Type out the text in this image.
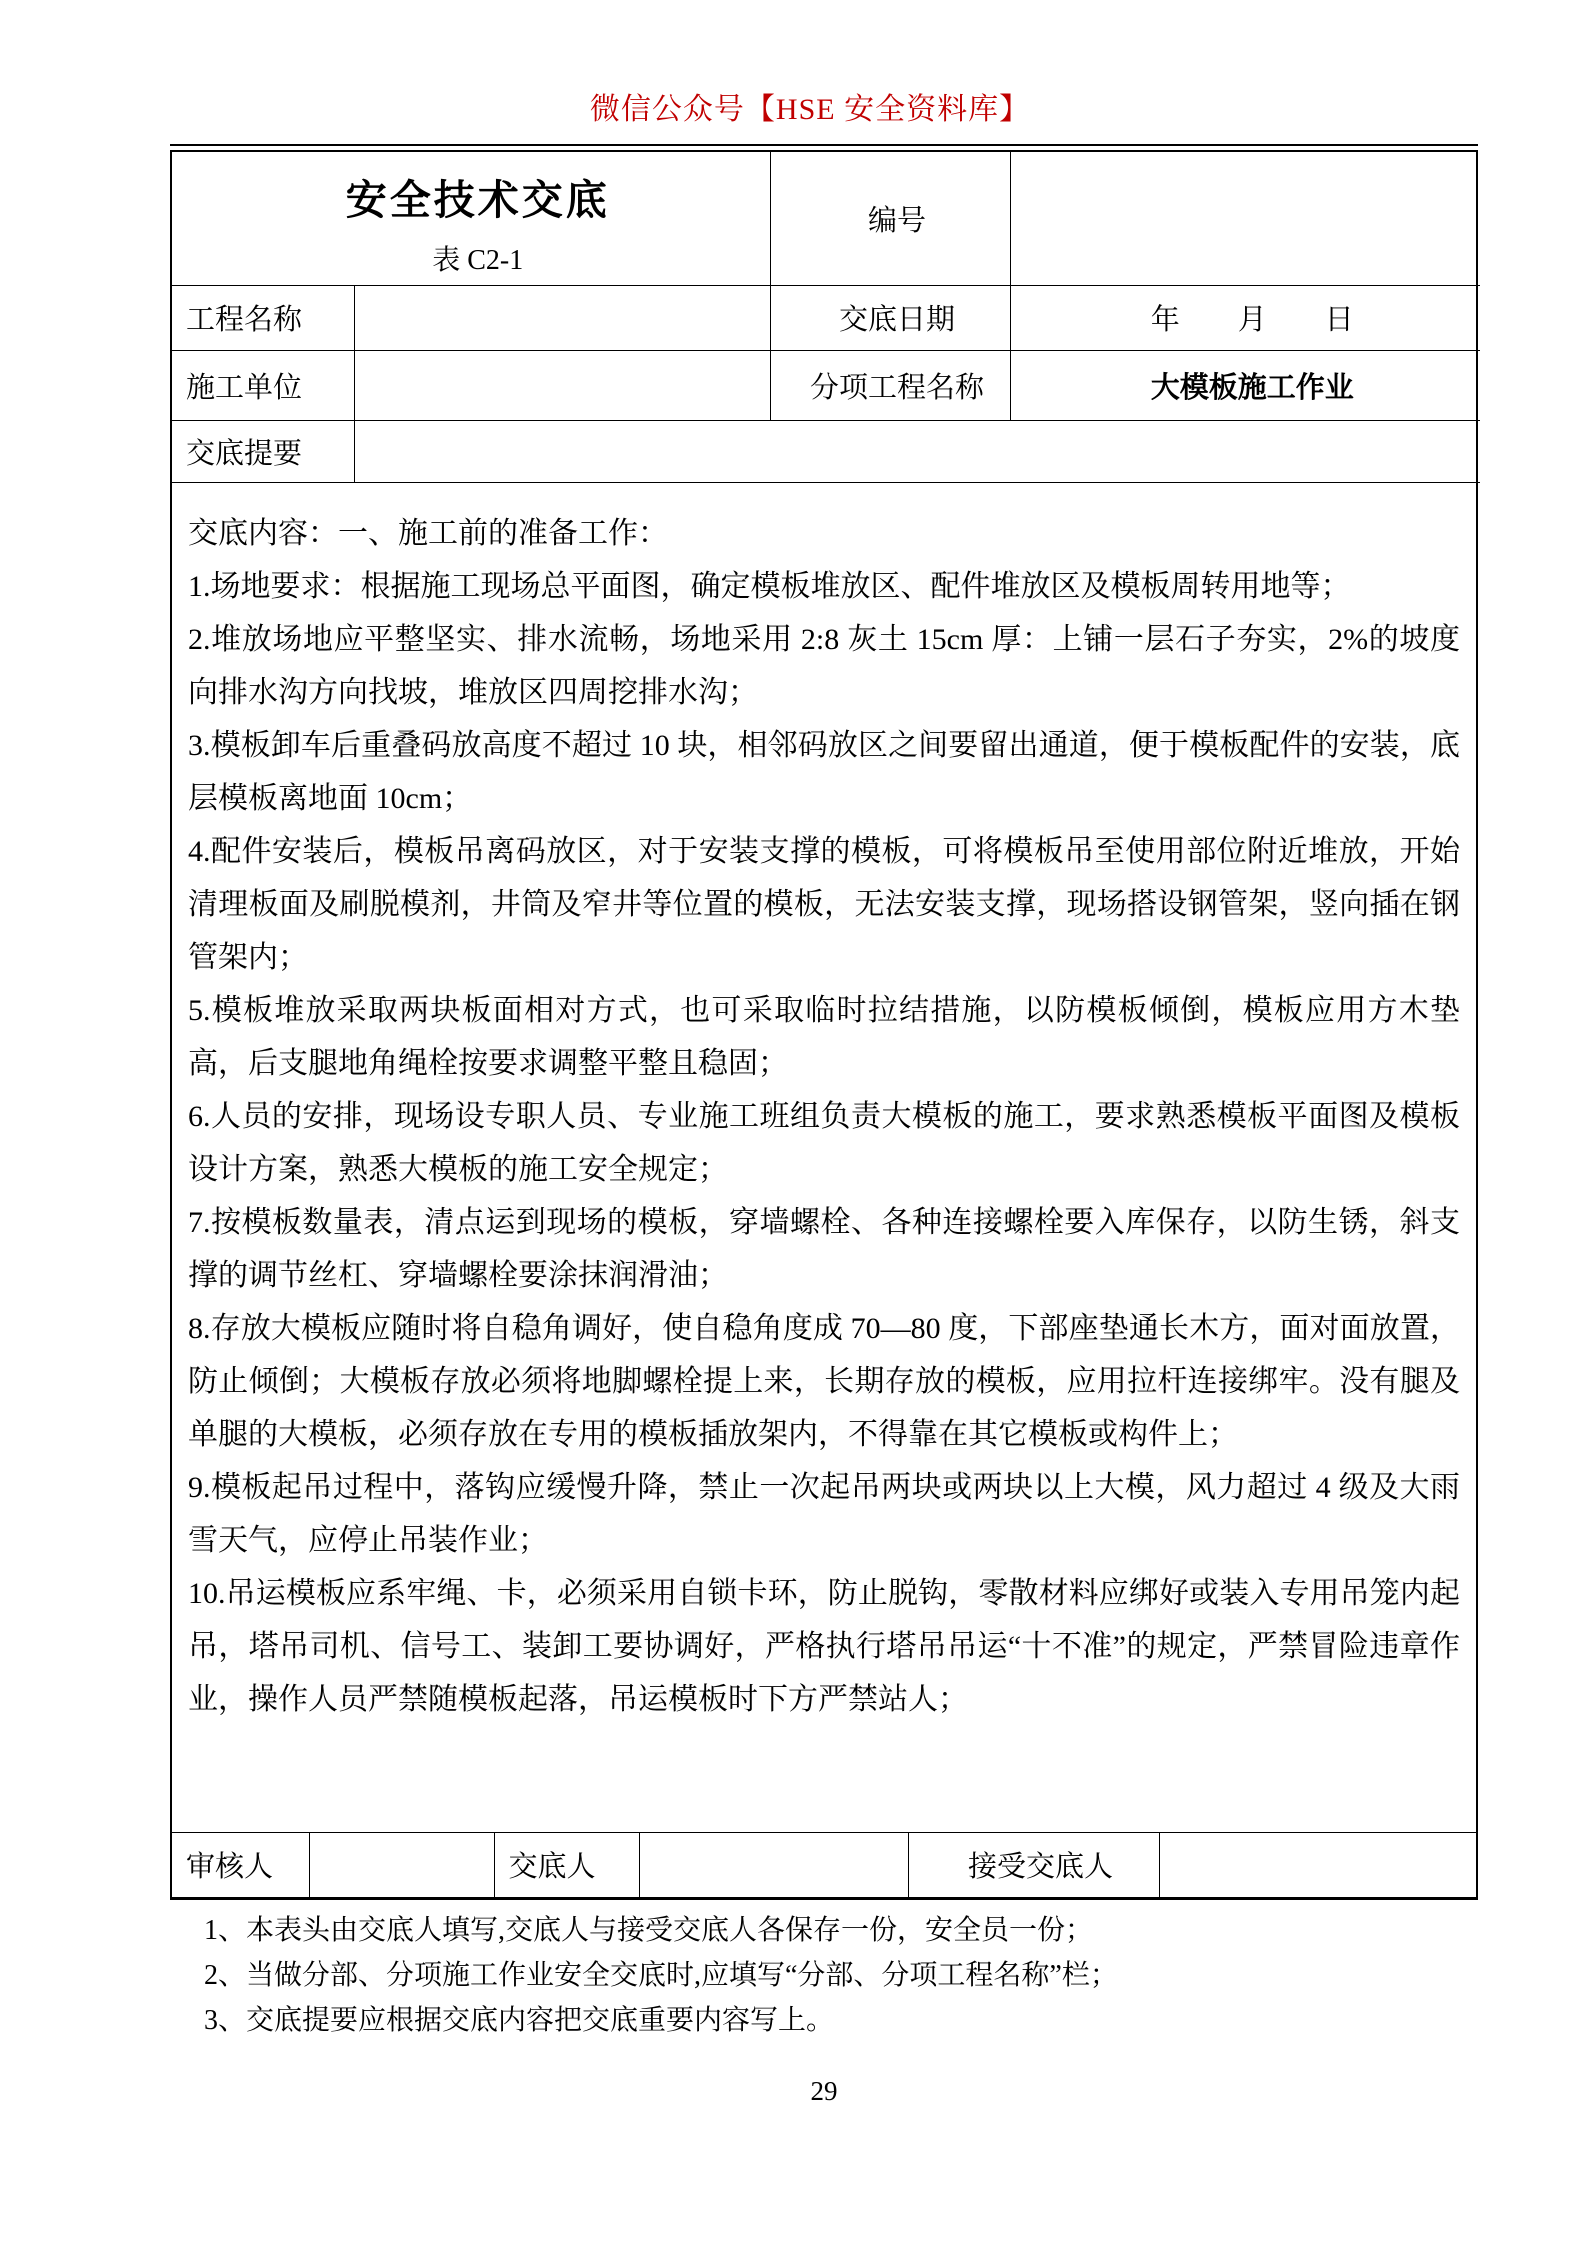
微信公众号【HSE 安全资料库】
安全技术交底
表 C2-1		编号	
工程名称		交底日期	年　　月　　日
施工单位		分项工程名称	大模板施工作业
交底提要			

交底内容：一、施工前的准备工作：

1.场地要求：根据施工现场总平面图，确定模板堆放区、配件堆放区及模板周转用地等；

2.堆放场地应平整坚实、排水流畅，场地采用 2:8 灰土 15cm 厚：上铺一层石子夯实，2%的坡度向排水沟方向找坡，堆放区四周挖排水沟；

3.模板卸车后重叠码放高度不超过 10 块，相邻码放区之间要留出通道，便于模板配件的安装，底层模板离地面 10cm；

4.配件安装后，模板吊离码放区，对于安装支撑的模板，可将模板吊至使用部位附近堆放，开始清理板面及刷脱模剂，井筒及窄井等位置的模板，无法安装支撑，现场搭设钢管架，竖向插在钢管架内；

5.模板堆放采取两块板面相对方式，也可采取临时拉结措施，以防模板倾倒，模板应用方木垫高，后支腿地角绳栓按要求调整平整且稳固；

6.人员的安排，现场设专职人员、专业施工班组负责大模板的施工，要求熟悉模板平面图及模板设计方案，熟悉大模板的施工安全规定；

7.按模板数量表，清点运到现场的模板，穿墙螺栓、各种连接螺栓要入库保存，以防生锈，斜支撑的调节丝杠、穿墙螺栓要涂抹润滑油；

8.存放大模板应随时将自稳角调好，使自稳角度成 70—80 度，下部座垫通长木方，面对面放置，防止倾倒；大模板存放必须将地脚螺栓提上来，长期存放的模板，应用拉杆连接绑牢。没有腿及单腿的大模板，必须存放在专用的模板插放架内，不得靠在其它模板或构件上；

9.模板起吊过程中，落钩应缓慢升降，禁止一次起吊两块或两块以上大模，风力超过 4 级及大雨雪天气，应停止吊装作业；

10.吊运模板应系牢绳、卡，必须采用自锁卡环，防止脱钩，零散材料应绑好或装入专用吊笼内起吊，塔吊司机、信号工、装卸工要协调好，严格执行塔吊吊运“十不准”的规定，严禁冒险违章作业，操作人员严禁随模板起落，吊运模板时下方严禁站人；

审核人		交底人		接受交底人	
1、本表头由交底人填写,交底人与接受交底人各保存一份，安全员一份；
2、当做分部、分项施工作业安全交底时,应填写“分部、分项工程名称”栏；
3、交底提要应根据交底内容把交底重要内容写上。
29
